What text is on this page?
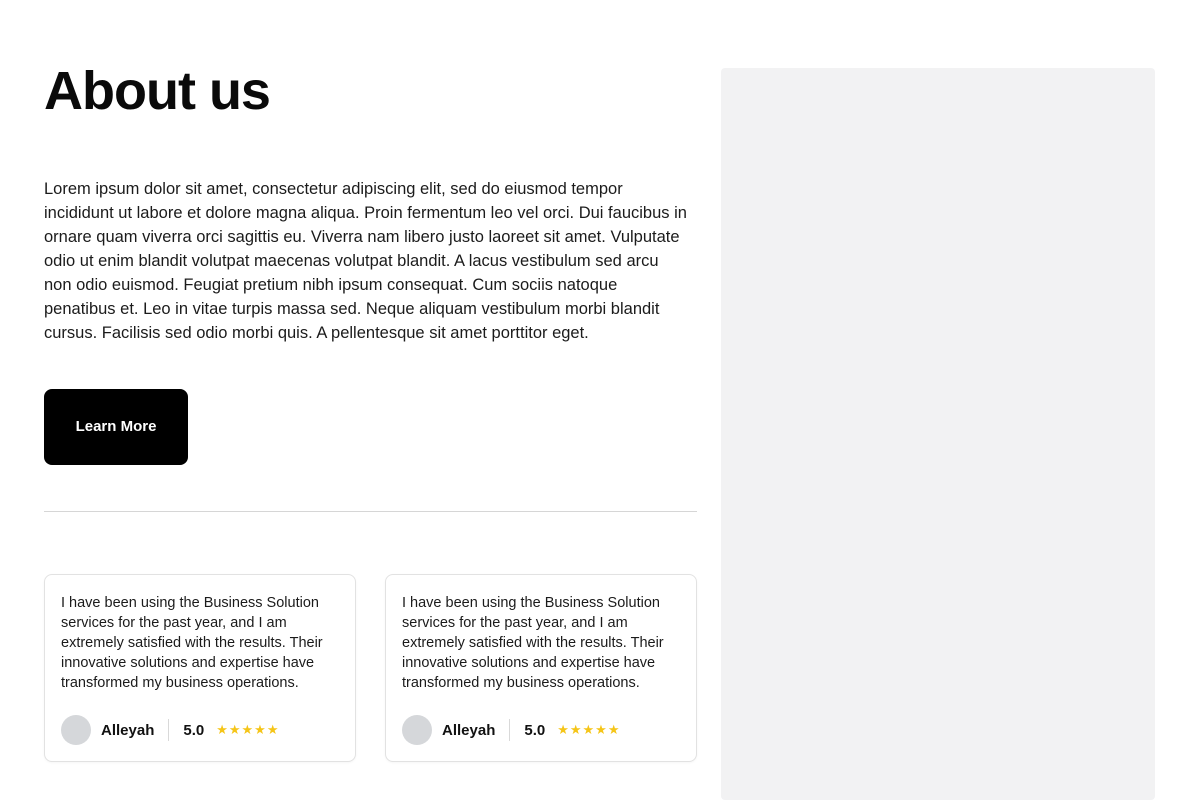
About us

Lorem ipsum dolor sit amet, consectetur adipiscing elit, sed do eiusmod tempor incididunt ut labore et dolore magna aliqua. Proin fermentum leo vel orci. Dui faucibus in ornare quam viverra orci sagittis eu. Viverra nam libero justo laoreet sit amet. Vulputate odio ut enim blandit volutpat maecenas volutpat blandit. A lacus vestibulum sed arcu non odio euismod. Feugiat pretium nibh ipsum consequat. Cum sociis natoque penatibus et. Leo in vitae turpis massa sed. Neque aliquam vestibulum morbi blandit cursus. Facilisis sed odio morbi quis. A pellentesque sit amet porttitor eget.

Learn More

I have been using the Business Solution services for the past year, and I am extremely satisfied with the results. Their innovative solutions and expertise have transformed my business operations.

Alleyah 5.0 ★★★★★

I have been using the Business Solution services for the past year, and I am extremely satisfied with the results. Their innovative solutions and expertise have transformed my business operations.

Alleyah 5.0 ★★★★★
